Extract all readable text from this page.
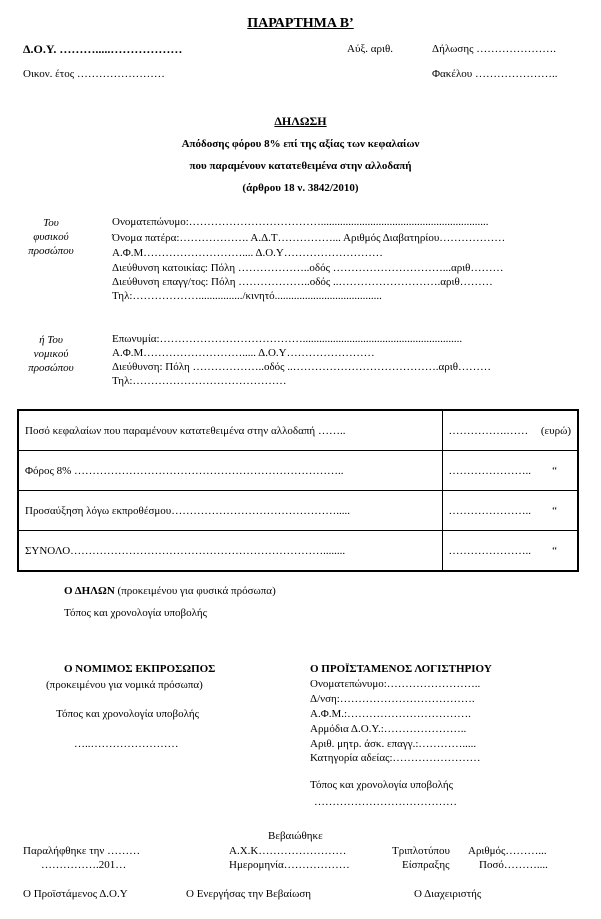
ΠΑΡΑΡΤΗΜΑ Β’
Δ.Ο.Υ. ……….....………………	Αύξ. αριθ.	Δήλωσης ………………….
Οικον. έτος ……………………	Φακέλου …………………..
ΔΗΛΩΣΗ
Απόδοσης φόρου 8% επί της αξίας των κεφαλαίων
που παραμένουν κατατεθειμένα στην αλλοδαπή
(άρθρου 18 ν. 3842/2010)
Του
φυσικού
προσώπου
Ονοματεπώνυμο:……………………………….............................................................
Όνομα πατέρα:………………. Α.Δ.Τ……………... Αριθμός Διαβατηρίου………………
Α.Φ.Μ……………………….... Δ.Ο.Υ………………………
Διεύθυνση κατοικίας: Πόλη ………………..οδός …………………………...αριθ………
Διεύθυνση επαγγ/τος: Πόλη ………………..οδός ..……………………….αριθ………
Τηλ:………………................/κινητό.......................................
ή Του
νομικού
προσώπου
Επωνυμία:…………………………………..........................................................
Α.Φ.Μ………………………..... Δ.Ο.Υ……………………
Διεύθυνση: Πόλη ………………..οδός ..………………………………….αριθ………
Τηλ:……………………………………
Ποσό κεφαλαίων που παραμένουν κατατεθειμένα στην αλλοδαπή ……..	…………….…… (ευρώ)

Φόρος 8% ………………………………………………………………..	………………….. “

Προσαύξηση λόγω εκπροθέσμου……………………………………….....	………………….. “

ΣΥΝΟΛΟ……………………………………………………………........	………………….. “
Ο ΔΗΛΩΝ (προκειμένου για φυσικά πρόσωπα)
Τόπος και χρονολογία υποβολής
Ο ΝΟΜΙΜΟΣ ΕΚΠΡΟΣΩΠΟΣ
(προκειμένου για νομικά πρόσωπα)
Τόπος και χρονολογία υποβολής
…..……………………
Ο ΠΡΟΪΣΤΑΜΕΝΟΣ ΛΟΓΙΣΤΗΡΙΟΥ
Ονοματεπώνυμο:……………………..
Δ/νση:……………………………….
Α.Φ.Μ.:…………………………….
Αρμόδια Δ.Ο.Υ.:…………………..
Αριθ. μητρ. άσκ. επαγγ.:………….....
Κατηγορία αδείας:……………………
Τόπος και χρονολογία υποβολής
…………………………………
Βεβαιώθηκε
Παραλήφθηκε την ………
…………….201…
Α.Χ.Κ……………………
Ημερομηνία………………
Τριπλοτύπου
Είσπραξης
Αριθμός………...
Ποσό………....
Ο Προϊστάμενος Δ.Ο.Υ	Ο Ενεργήσας την Βεβαίωση	Ο Διαχειριστής
